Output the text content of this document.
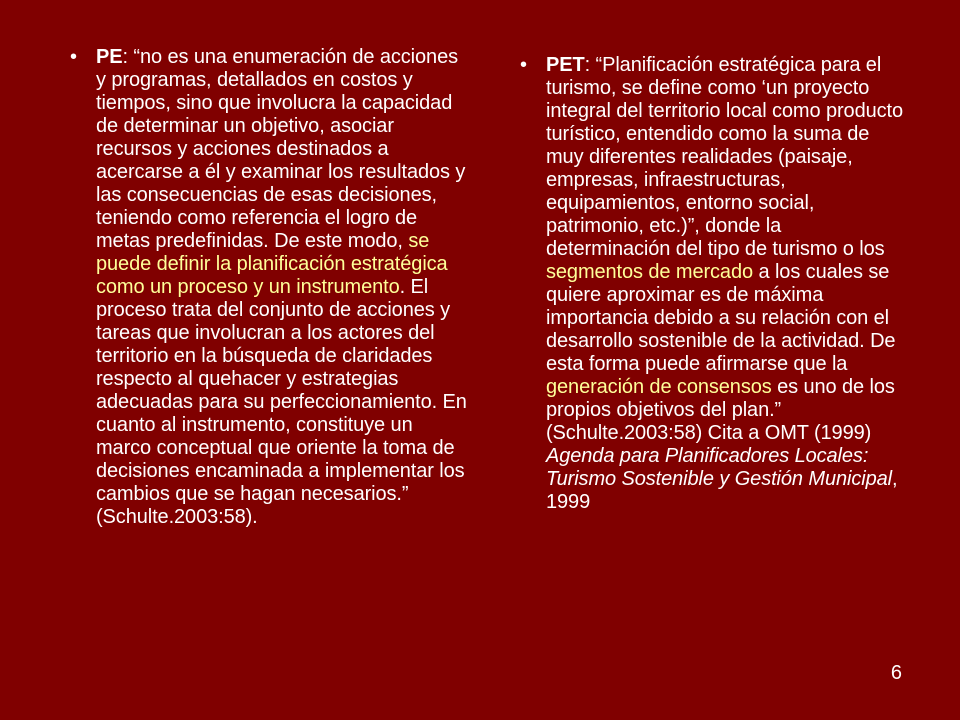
• PE: “no es una enumeración de acciones y programas, detallados en costos y tiempos, sino que involucra la capacidad de determinar un objetivo, asociar recursos y acciones destinados a acercarse a él y examinar los resultados y las consecuencias de esas decisiones, teniendo como referencia el logro de metas predefinidas. De este modo, se puede definir la planificación estratégica como un proceso y un instrumento. El proceso trata del conjunto de acciones y tareas que involucran a los actores del territorio en la búsqueda de claridades respecto al quehacer y estrategias adecuadas para su perfeccionamiento. En cuanto al instrumento, constituye un marco conceptual que oriente la toma de decisiones encaminada a implementar los cambios que se hagan necesarios.” (Schulte.2003:58).
• PET: “Planificación estratégica para el turismo, se define como ‘un proyecto integral del territorio local como producto turístico, entendido como la suma de muy diferentes realidades (paisaje, empresas, infraestructuras, equipamientos, entorno social, patrimonio, etc.)”, donde la determinación del tipo de turismo o los segmentos de mercado a los cuales se quiere aproximar es de máxima importancia debido a su relación con el desarrollo sostenible de la actividad. De esta forma puede afirmarse que la generación de consensos es uno de los propios objetivos del plan.” (Schulte.2003:58) Cita a OMT (1999) Agenda para Planificadores Locales: Turismo Sostenible y Gestión Municipal, 1999
6
